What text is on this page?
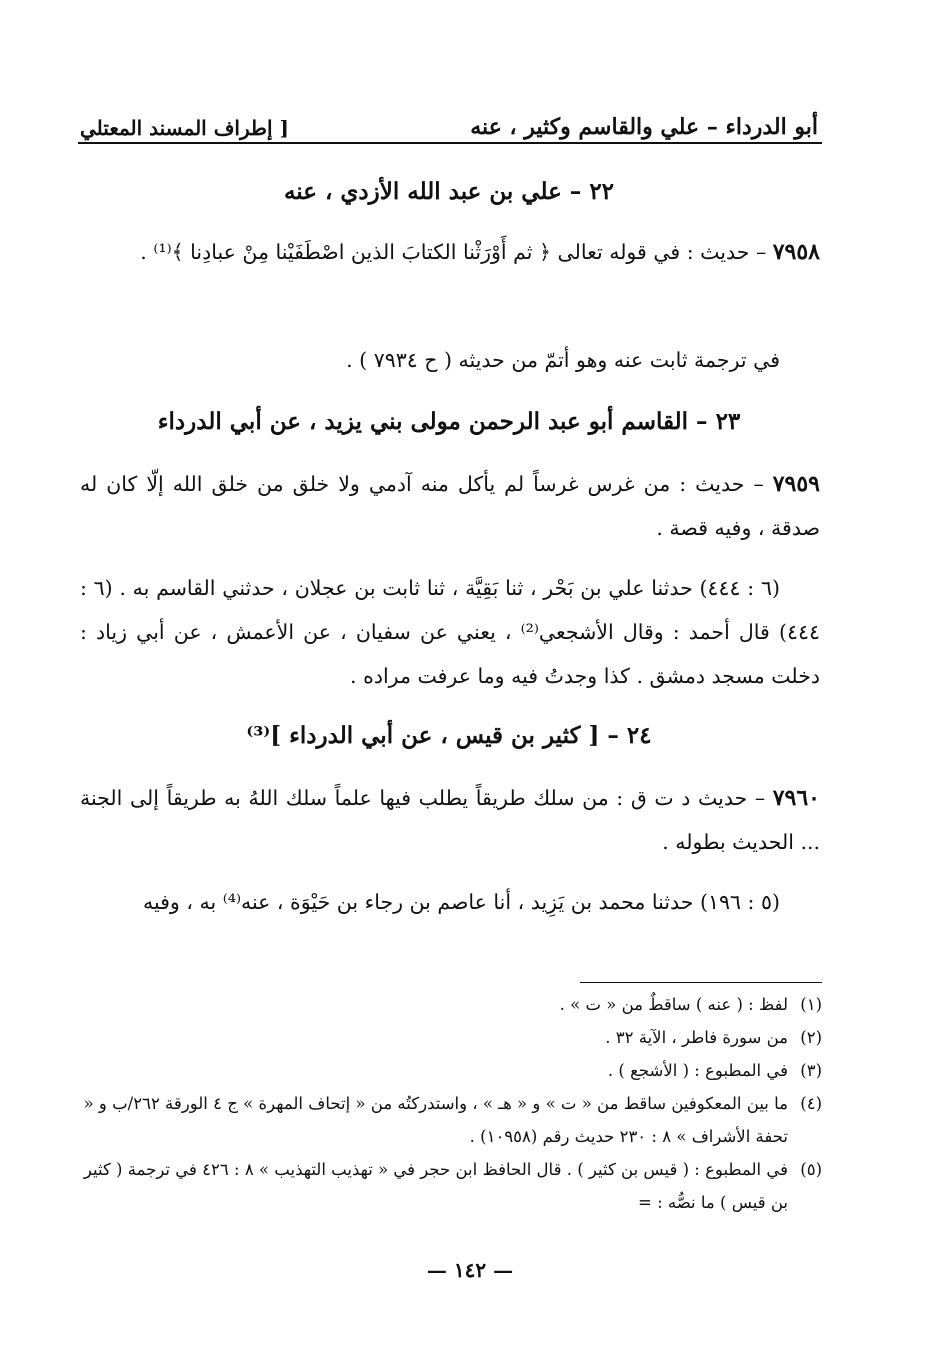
أبو الدرداء – علي والقاسم وكثير ، عنه
[ إطراف المسند المعتلي
٢٢ – علي بن عبد الله الأزدي ، عنه
٧٩٥٨ – حديث : في قوله تعالى ﴿ ثم أَوْرَثْنا الكتابَ الذين اصْطَفَيْنا مِنْ عبادِنا ﴾⁽¹⁾ .
في ترجمة ثابت عنه وهو أتمّ من حديثه ( ح ٧٩٣٤ ) .
٢٣ – القاسم أبو عبد الرحمن مولى بني يزيد ، عن أبي الدرداء
٧٩٥٩ – حديث : من غرس غرساً لم يأكل منه آدمي ولا خلق من خلق الله إلّا كان له صدقة ، وفيه قصة .
(٦ : ٤٤٤) حدثنا علي بن بَحْر ، ثنا بَقِيَّة ، ثنا ثابت بن عجلان ، حدثني القاسم به . (٦ : ٤٤٤) قال أحمد : وقال الأشجعي⁽²⁾ ، يعني عن سفيان ، عن الأعمش ، عن أبي زياد : دخلت مسجد دمشق . كذا وجدتُ فيه وما عرفت مراده .
٢٤ – [ كثير بن قيس ، عن أبي الدرداء ]⁽³⁾
٧٩٦٠ – حديث ‌د ت ق : من سلك طريقاً يطلب فيها علماً سلك اللهُ به طريقاً إلى الجنة ... الحديث بطوله .
(٥ : ١٩٦) حدثنا محمد بن يَزِيد ، أنا عاصم بن رجاء بن حَيْوَة ، عنه⁽⁴⁾ به ، وفيه
(١)
لفظ : ( عنه ) ساقطٌ من « ت » .
(٢)
من سورة فاطر ، الآية ٣٢ .
(٣)
في المطبوع : ( الأشجع ) .
(٤)
ما بين المعكوفين ساقط من « ت » و « هـ » ، واستدركتُه من « إتحاف المهرة » ج ٤ الورقة ٢٦٢/ب و « تحفة الأشراف » ٨ : ٢٣٠ حديث رقم (١٠٩٥٨) .
(٥)
في المطبوع : ( قيس بن كثير ) . قال الحافظ ابن حجر في « تهذيب التهذيب » ٨ : ٤٢٦ في ترجمة ( كثير بن قيس ) ما نصُّه : =
— ١٤٢ —
